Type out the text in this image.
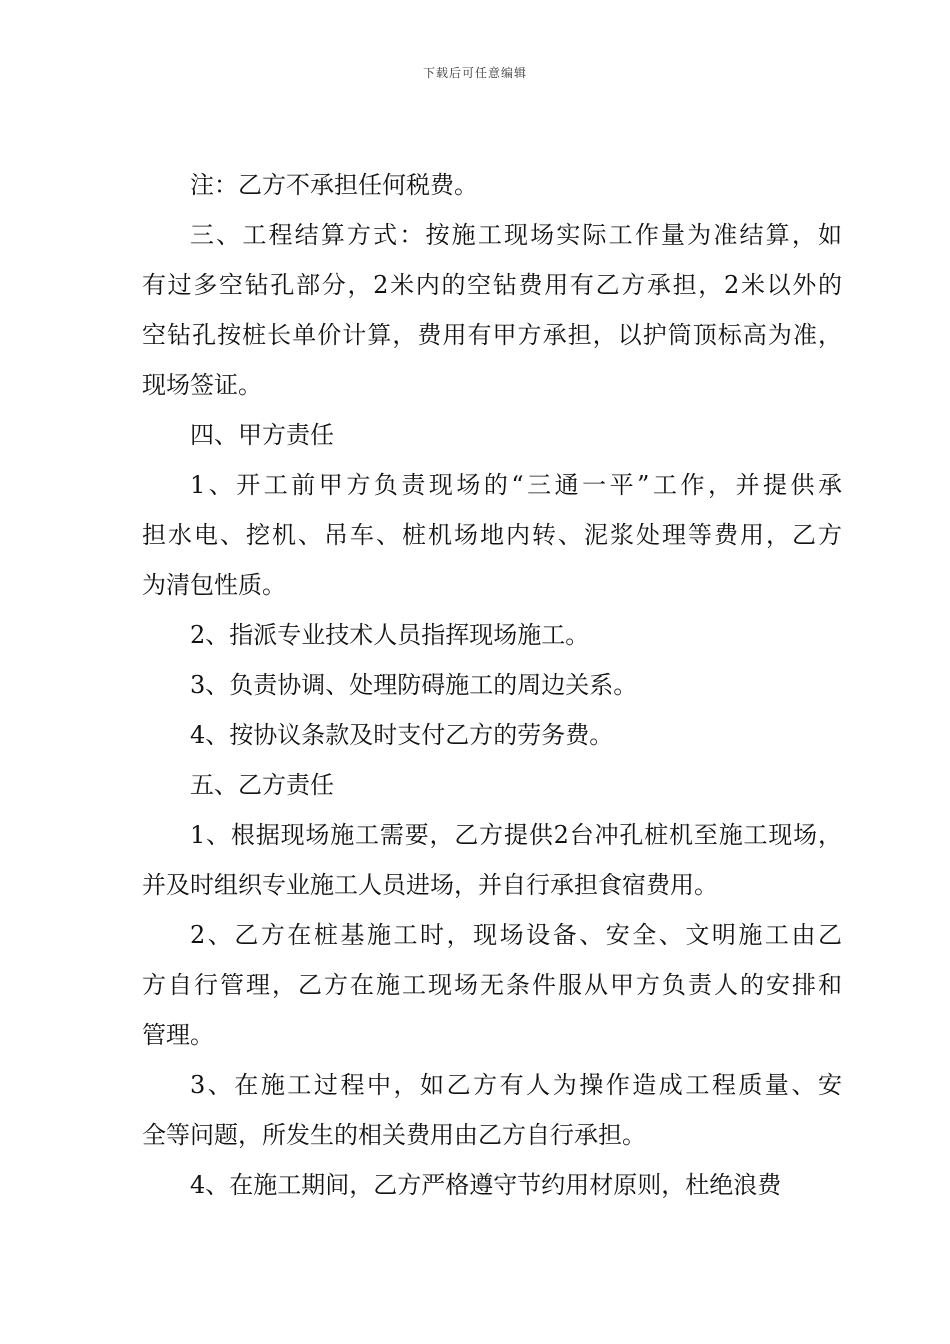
下载后可任意编辑

注：乙方不承担任何税费。

三、工程结算方式：按施工现场实际工作量为准结算，如
有过多空钻孔部分，2米内的空钻费用有乙方承担，2米以外的
空钻孔按桩长单价计算，费用有甲方承担，以护筒顶标高为准，
现场签证。

四、甲方责任

1、开工前甲方负责现场的“三通一平”工作，并提供承
担水电、挖机、吊车、桩机场地内转、泥浆处理等费用，乙方
为清包性质。

2、指派专业技术人员指挥现场施工。

3、负责协调、处理防碍施工的周边关系。

4、按协议条款及时支付乙方的劳务费。

五、乙方责任

1、根据现场施工需要，乙方提供2台冲孔桩机至施工现场，
并及时组织专业施工人员进场，并自行承担食宿费用。

2、乙方在桩基施工时，现场设备、安全、文明施工由乙
方自行管理，乙方在施工现场无条件服从甲方负责人的安排和
管理。

3、在施工过程中，如乙方有人为操作造成工程质量、安
全等问题，所发生的相关费用由乙方自行承担。

4、在施工期间，乙方严格遵守节约用材原则，杜绝浪费
